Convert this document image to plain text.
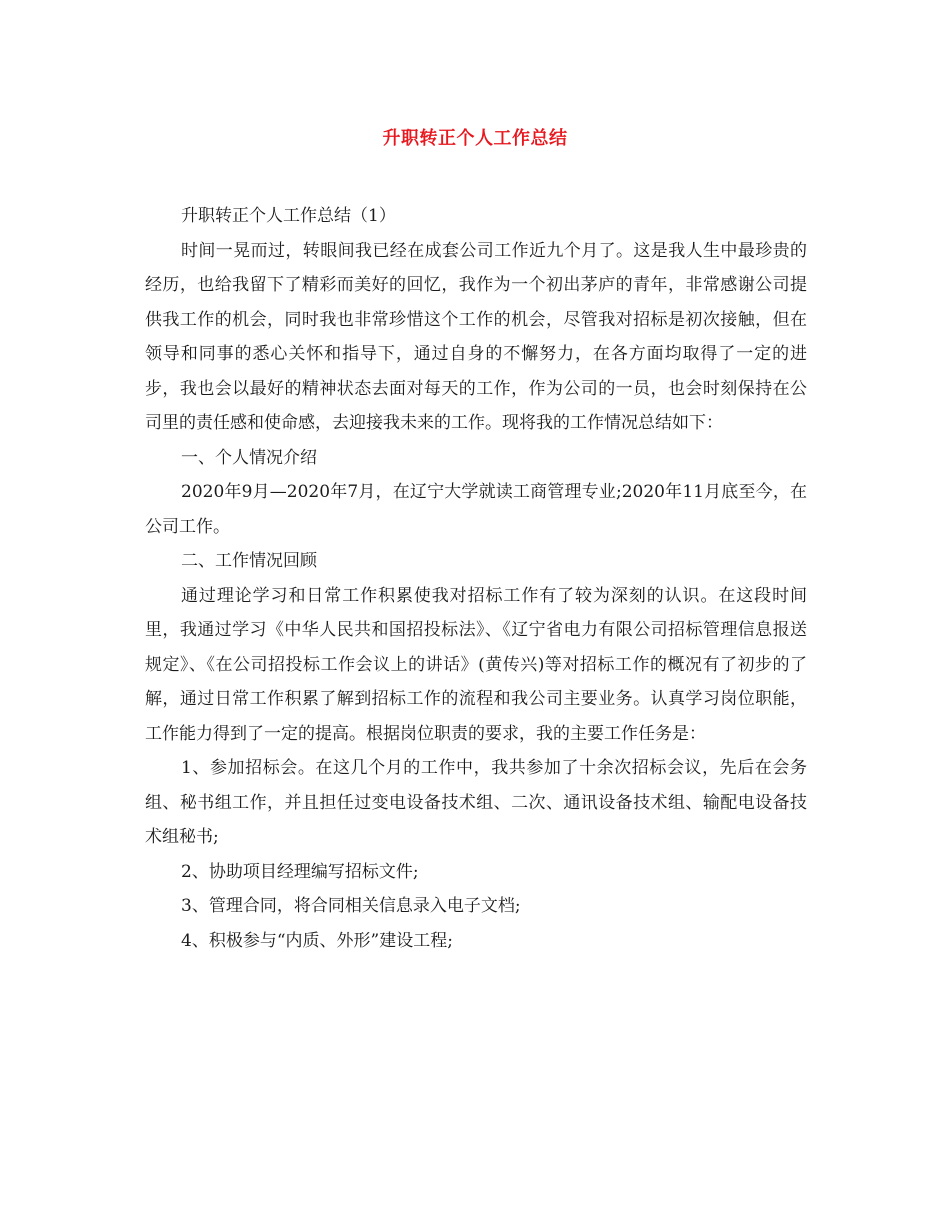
升职转正个人工作总结

升职转正个人工作总结（1）

时间一晃而过，转眼间我已经在成套公司工作近九个月了。这是我人生中最珍贵的经历，也给我留下了精彩而美好的回忆，我作为一个初出茅庐的青年，非常感谢公司提供我工作的机会，同时我也非常珍惜这个工作的机会，尽管我对招标是初次接触，但在领导和同事的悉心关怀和指导下，通过自身的不懈努力，在各方面均取得了一定的进步，我也会以最好的精神状态去面对每天的工作，作为公司的一员，也会时刻保持在公司里的责任感和使命感，去迎接我未来的工作。现将我的工作情况总结如下：

一、个人情况介绍

2020年9月—2020年7月，在辽宁大学就读工商管理专业;2020年11月底至今，在公司工作。

二、工作情况回顾

通过理论学习和日常工作积累使我对招标工作有了较为深刻的认识。在这段时间里，我通过学习《中华人民共和国招投标法》、《辽宁省电力有限公司招标管理信息报送规定》、《在公司招投标工作会议上的讲话》(黄传兴)等对招标工作的概况有了初步的了解，通过日常工作积累了解到招标工作的流程和我公司主要业务。认真学习岗位职能，工作能力得到了一定的提高。根据岗位职责的要求，我的主要工作任务是：

1、参加招标会。在这几个月的工作中，我共参加了十余次招标会议，先后在会务组、秘书组工作，并且担任过变电设备技术组、二次、通讯设备技术组、输配电设备技术组秘书;

2、协助项目经理编写招标文件;

3、管理合同，将合同相关信息录入电子文档;

4、积极参与“内质、外形”建设工程;
